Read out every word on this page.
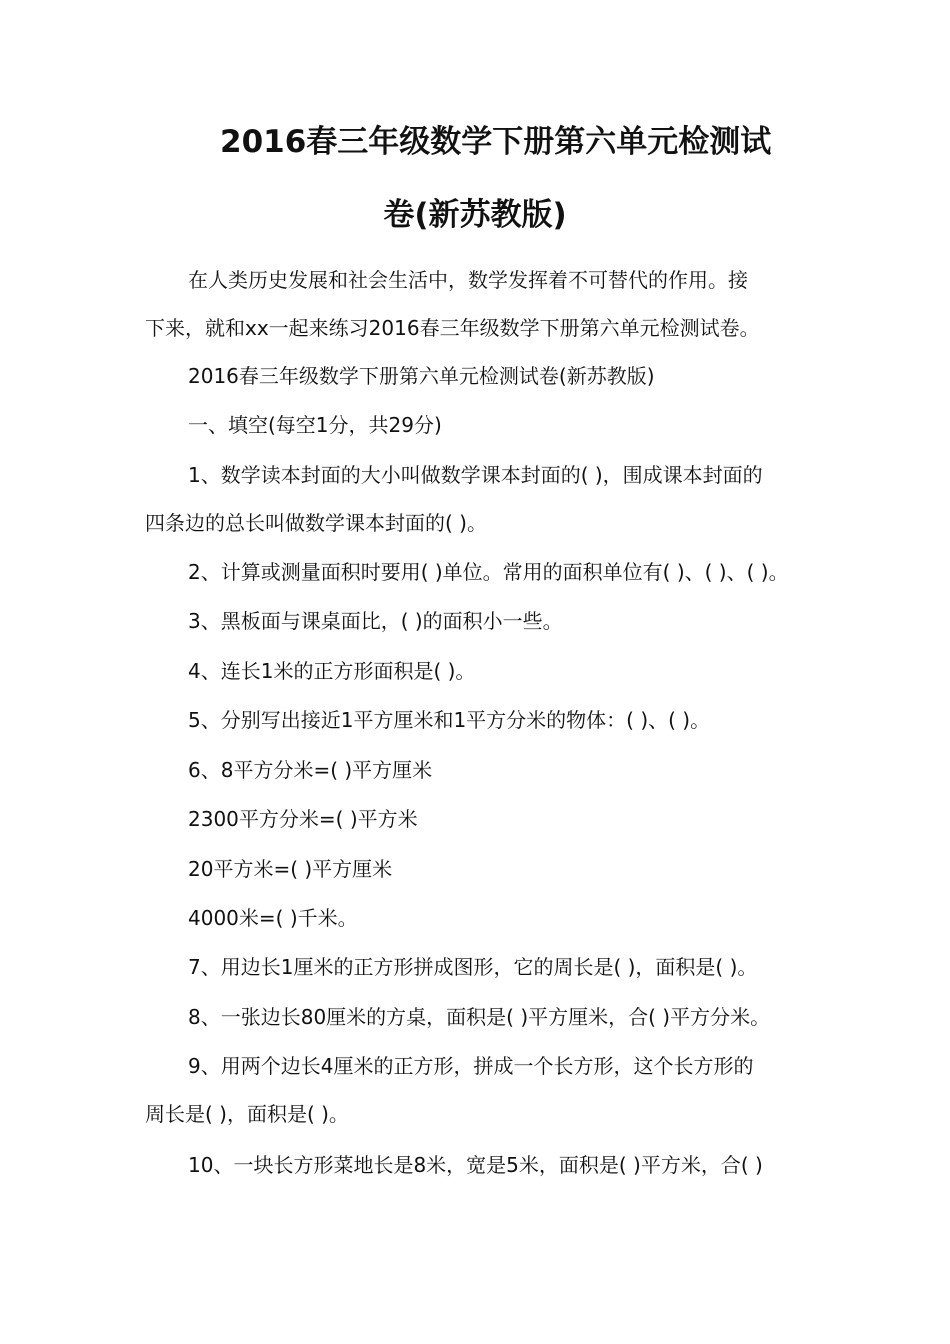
2016春三年级数学下册第六单元检测试
卷(新苏教版)

在人类历史发展和社会生活中，数学发挥着不可替代的作用。接

下来，就和xx一起来练习2016春三年级数学下册第六单元检测试卷。

2016春三年级数学下册第六单元检测试卷(新苏教版)

一、填空(每空1分，共29分)

1、数学读本封面的大小叫做数学课本封面的( )，围成课本封面的

四条边的总长叫做数学课本封面的( )。

2、计算或测量面积时要用( )单位。常用的面积单位有( )、( )、( )。

3、黑板面与课桌面比，( )的面积小一些。

4、连长1米的正方形面积是( )。

5、分别写出接近1平方厘米和1平方分米的物体：( )、( )。

6、8平方分米=( )平方厘米

2300平方分米=( )平方米

20平方米=( )平方厘米

4000米=( )千米。

7、用边长1厘米的正方形拼成图形，它的周长是( )，面积是( )。

8、一张边长80厘米的方桌，面积是( )平方厘米，合( )平方分米。

9、用两个边长4厘米的正方形，拼成一个长方形，这个长方形的

周长是( )，面积是( )。

10、一块长方形菜地长是8米，宽是5米，面积是( )平方米，合( )
